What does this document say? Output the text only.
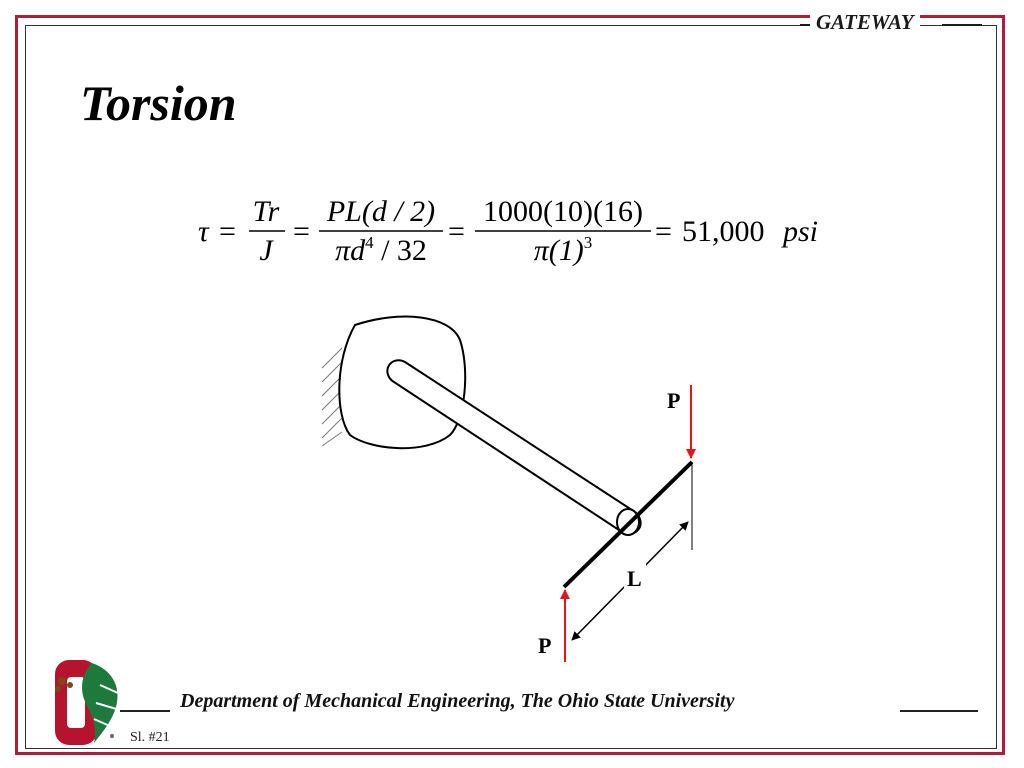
GATEWAY
Torsion
τ =
Tr
J
=
PL(d / 2)
$\pi d^4 / 32$
=
1000(10)(16)
$\pi(1)^3 = 51,000$ psi
P
P
L
Department of Mechanical Engineering, The Ohio State University
Sl. #21
